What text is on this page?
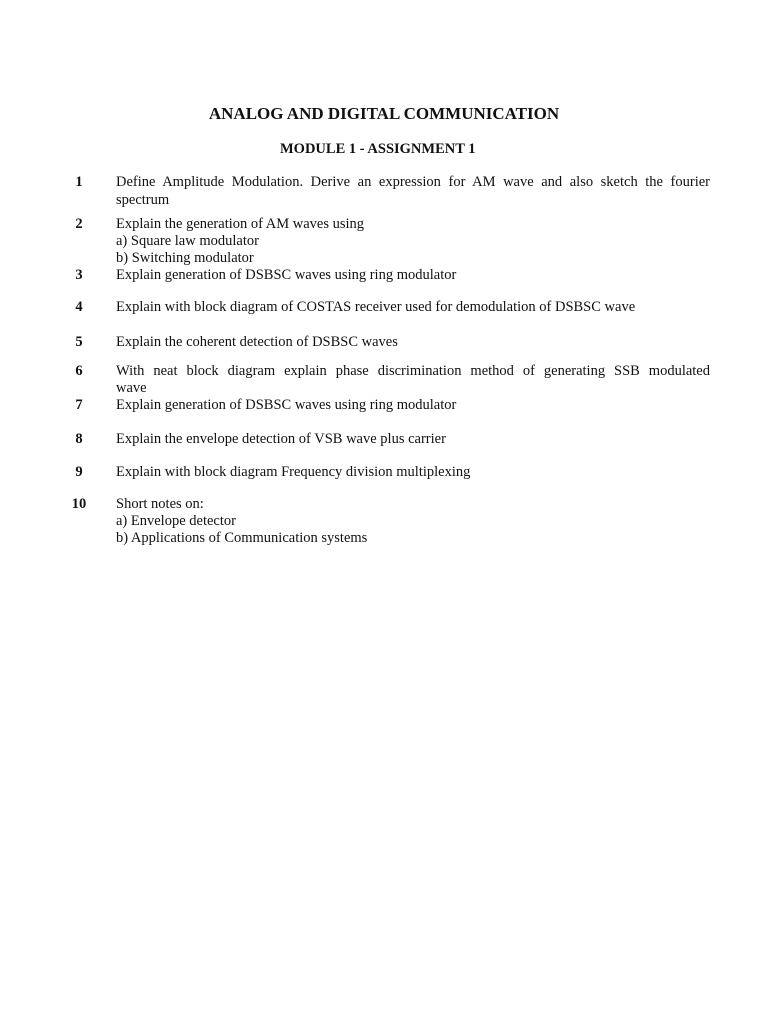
ANALOG AND DIGITAL COMMUNICATION
MODULE 1 - ASSIGNMENT 1
1	Define Amplitude Modulation. Derive an expression for AM wave and also sketch the fourier
spectrum
2	Explain the generation of AM waves using
a) Square law modulator
b) Switching modulator
3	Explain generation of DSBSC waves using ring modulator
4	Explain with block diagram of COSTAS receiver used for demodulation of DSBSC wave
5	Explain the coherent detection of DSBSC waves
6	With neat block diagram explain phase discrimination method of generating SSB modulated
wave
7	Explain generation of DSBSC waves using ring modulator
8	Explain the envelope detection of VSB wave plus carrier
9	Explain with block diagram Frequency division multiplexing
10	Short notes on:
a) Envelope detector
b) Applications of Communication systems
